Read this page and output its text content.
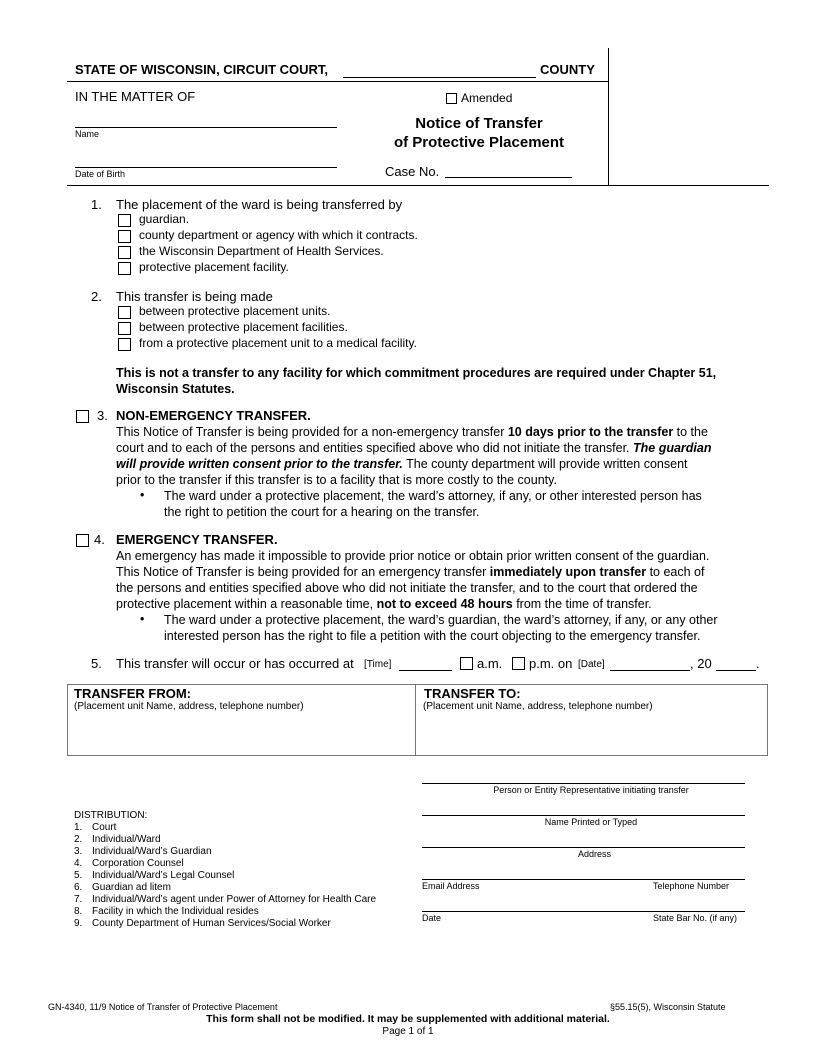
STATE OF WISCONSIN, CIRCUIT COURT,	COUNTY
IN THE MATTER OF
Name
Date of Birth
Amended
Notice of Transfer
of Protective Placement
Case No.
1. The placement of the ward is being transferred by
guardian.
county department or agency with which it contracts.
the Wisconsin Department of Health Services.
protective placement facility.
2. This transfer is being made
between protective placement units.
between protective placement facilities.
from a protective placement unit to a medical facility.
This is not a transfer to any facility for which commitment procedures are required under Chapter 51,
Wisconsin Statutes.
3. NON-EMERGENCY TRANSFER.
This Notice of Transfer is being provided for a non-emergency transfer 10 days prior to the transfer to the
court and to each of the persons and entities specified above who did not initiate the transfer. The guardian
will provide written consent prior to the transfer. The county department will provide written consent
prior to the transfer if this transfer is to a facility that is more costly to the county.
• The ward under a protective placement, the ward’s attorney, if any, or other interested person has
the right to petition the court for a hearing on the transfer.
4. EMERGENCY TRANSFER.
An emergency has made it impossible to provide prior notice or obtain prior written consent of the guardian.
This Notice of Transfer is being provided for an emergency transfer immediately upon transfer to each of
the persons and entities specified above who did not initiate the transfer, and to the court that ordered the
protective placement within a reasonable time, not to exceed 48 hours from the time of transfer.
• The ward under a protective placement, the ward’s guardian, the ward’s attorney, if any, or any other
interested person has the right to file a petition with the court objecting to the emergency transfer.
5. This transfer will occur or has occurred at [Time]	a.m. p.m. on [Date]	, 20	.
TRANSFER FROM:
(Placement unit Name, address, telephone number)
TRANSFER TO:
(Placement unit Name, address, telephone number)
Person or Entity Representative initiating transfer
Name Printed or Typed
Address
Email Address	Telephone Number
Date	State Bar No. (if any)
DISTRIBUTION:
1. Court
2. Individual/Ward
3. Individual/Ward’s Guardian
4. Corporation Counsel
5. Individual/Ward’s Legal Counsel
6. Guardian ad litem
7. Individual/Ward’s agent under Power of Attorney for Health Care
8. Facility in which the Individual resides
9. County Department of Human Services/Social Worker
GN-4340, 11/9 Notice of Transfer of Protective Placement	§55.15(5), Wisconsin Statute
This form shall not be modified. It may be supplemented with additional material.
Page 1 of 1
